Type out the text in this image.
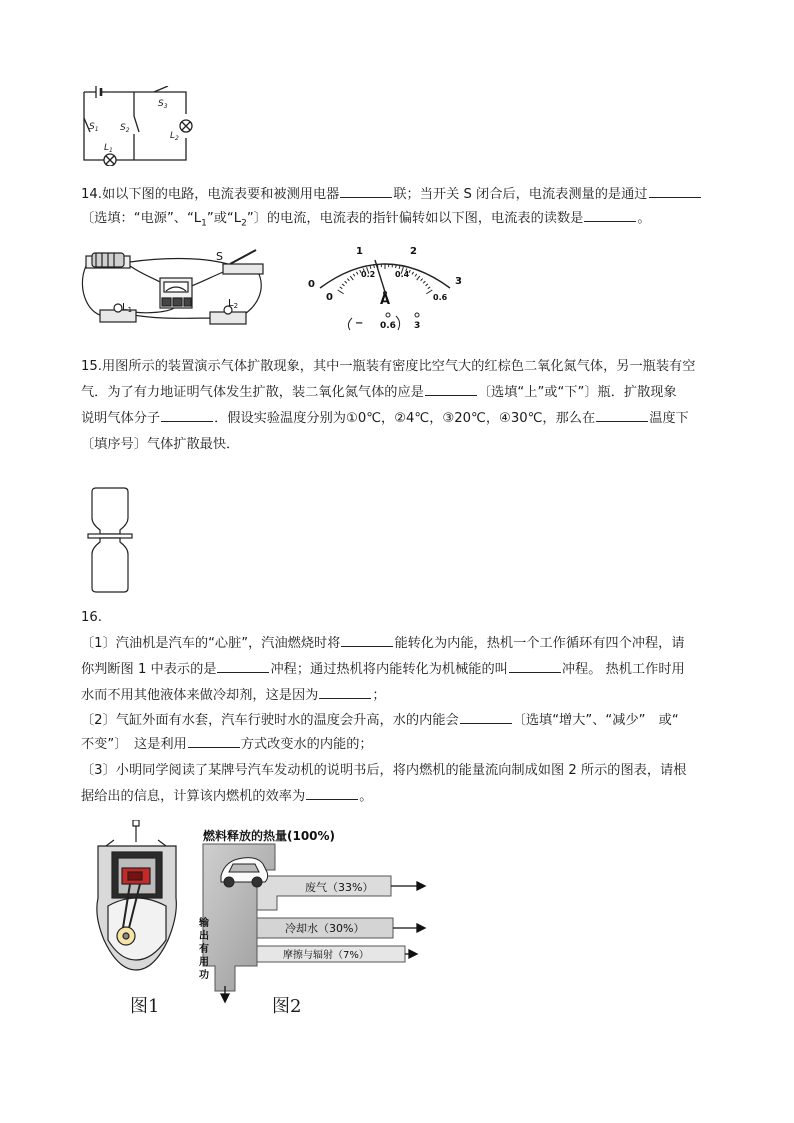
$S_1$ $S_2$
$S_3$
$L_1$
$L_2$
14.如以下图的电路，电流表要和被测用电器	联；当开关 S 闭合后，电流表测量的是通过
〔选填：“电源”、“$L_1$”或“$L_2$”〕的电流，电流表的指针偏转如以下图，电流表的读数是	。
S
$L_1$
$L_2$
0
1	2
3
0
0.2 0.4
0.6
A
− 0.6 3
15.用图所示的装置演示气体扩散现象，其中一瓶装有密度比空气大的红棕色二氧化氮气体，另一瓶装有空
气．为了有力地证明气体发生扩散，装二氧化氮气体的应是	〔选填“上”或“下”〕瓶．扩散现象
说明气体分子	．假设实验温度分别为①0℃，②4℃，③20℃，④30℃，那么在	温度下
〔填序号〕气体扩散最快．
16.
〔1〕汽油机是汽车的“心脏”，汽油燃烧时将	能转化为内能，热机一个工作循环有四个冲程，请
你判断图 1 中表示的是	冲程；通过热机将内能转化为机械能的叫	冲程。 热机工作时用
水而不用其他液体来做冷却剂，这是因为	；
〔2〕气缸外面有水套，汽车行驶时水的温度会升高，水的内能会	〔选填“增大”、“减少”　或“
不变”〕　这是利用	方式改变水的内能的；
〔3〕小明同学阅读了某牌号汽车发动机的说明书后，将内燃机的能量流向制成如图 2 所示的图表，请根
据给出的信息，计算该内燃机的效率为	。
图1
燃料释放的热量(100%)
废气（33%）
冷却水（30%）
摩擦与辐射（7%）
输
出
有
用
功
图2
